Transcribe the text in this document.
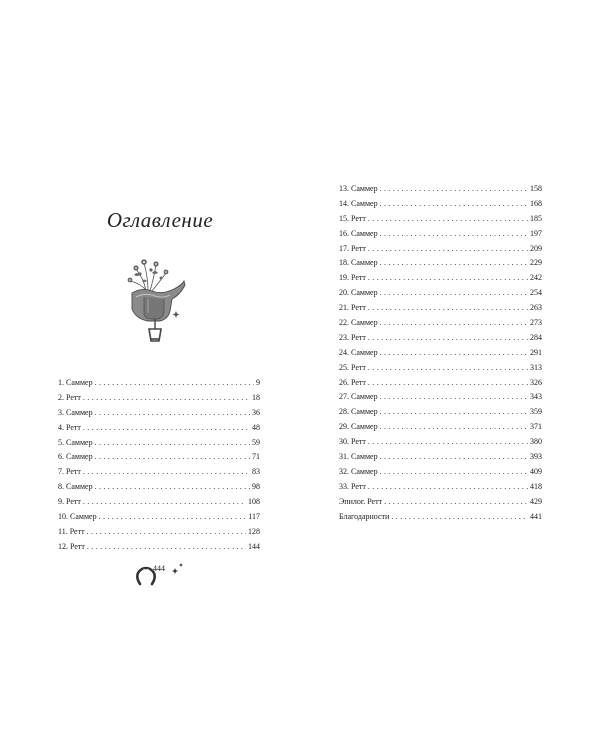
Оглавление
1. Саммер . . .	9
2. Ретт . . .	18
3. Саммер . . .	36
4. Ретт . . .	48
5. Саммер . . .	59
6. Саммер . . .	71
7. Ретт . . .	83
8. Саммер . . .	98
9. Ретт . . .	108
10. Саммер . . .	117
11. Ретт . . .	128
12. Ретт . . .	144
444
13. Саммер . . .	158
14. Саммер . . .	168
15. Ретт . . .	185
16. Саммер . . .	197
17. Ретт . . .	209
18. Саммер . . .	229
19. Ретт . . .	242
20. Саммер . . .	254
21. Ретт . . .	263
22. Саммер . . .	273
23. Ретт . . .	284
24. Саммер . . .	291
25. Ретт . . .	313
26. Ретт . . .	326
27. Саммер . . .	343
28. Саммер . . .	359
29. Саммер . . .	371
30. Ретт . . .	380
31. Саммер . . .	393
32. Саммер . . .	409
33. Ретт . . .	418
Эпилог. Ретт . . .	429
Благодарности . . .	441
